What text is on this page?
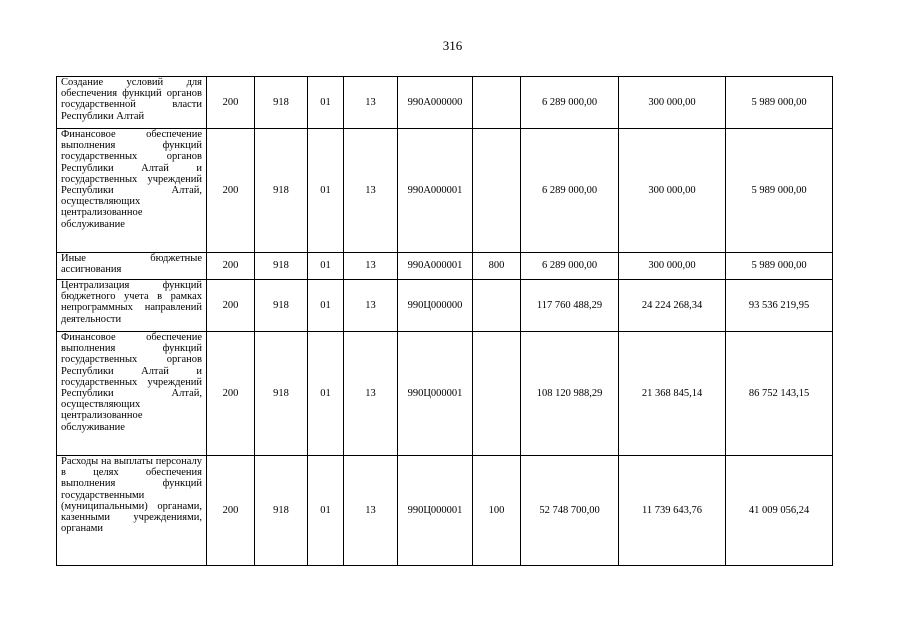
316
Создание условий для обеспечения функций органов государственной власти Республики Алтай	200	918	01	13	990А000000		6 289 000,00	300 000,00	5 989 000,00
Финансовое обеспечение выполнения функций государственных органов Республики Алтай и государственных учреждений Республики Алтай, осуществляющих централизованное обслуживание	200	918	01	13	990А000001		6 289 000,00	300 000,00	5 989 000,00
Иные бюджетные ассигнования	200	918	01	13	990А000001	800	6 289 000,00	300 000,00	5 989 000,00
Централизация функций бюджетного учета в рамках непрограммных направлений деятельности	200	918	01	13	990Ц000000		117 760 488,29	24 224 268,34	93 536 219,95
Финансовое обеспечение выполнения функций государственных органов Республики Алтай и государственных учреждений Республики Алтай, осуществляющих централизованное обслуживание	200	918	01	13	990Ц000001		108 120 988,29	21 368 845,14	86 752 143,15
Расходы на выплаты персоналу в целях обеспечения выполнения функций государственными (муниципальными) органами, казенными учреждениями, органами	200	918	01	13	990Ц000001	100	52 748 700,00	11 739 643,76	41 009 056,24
